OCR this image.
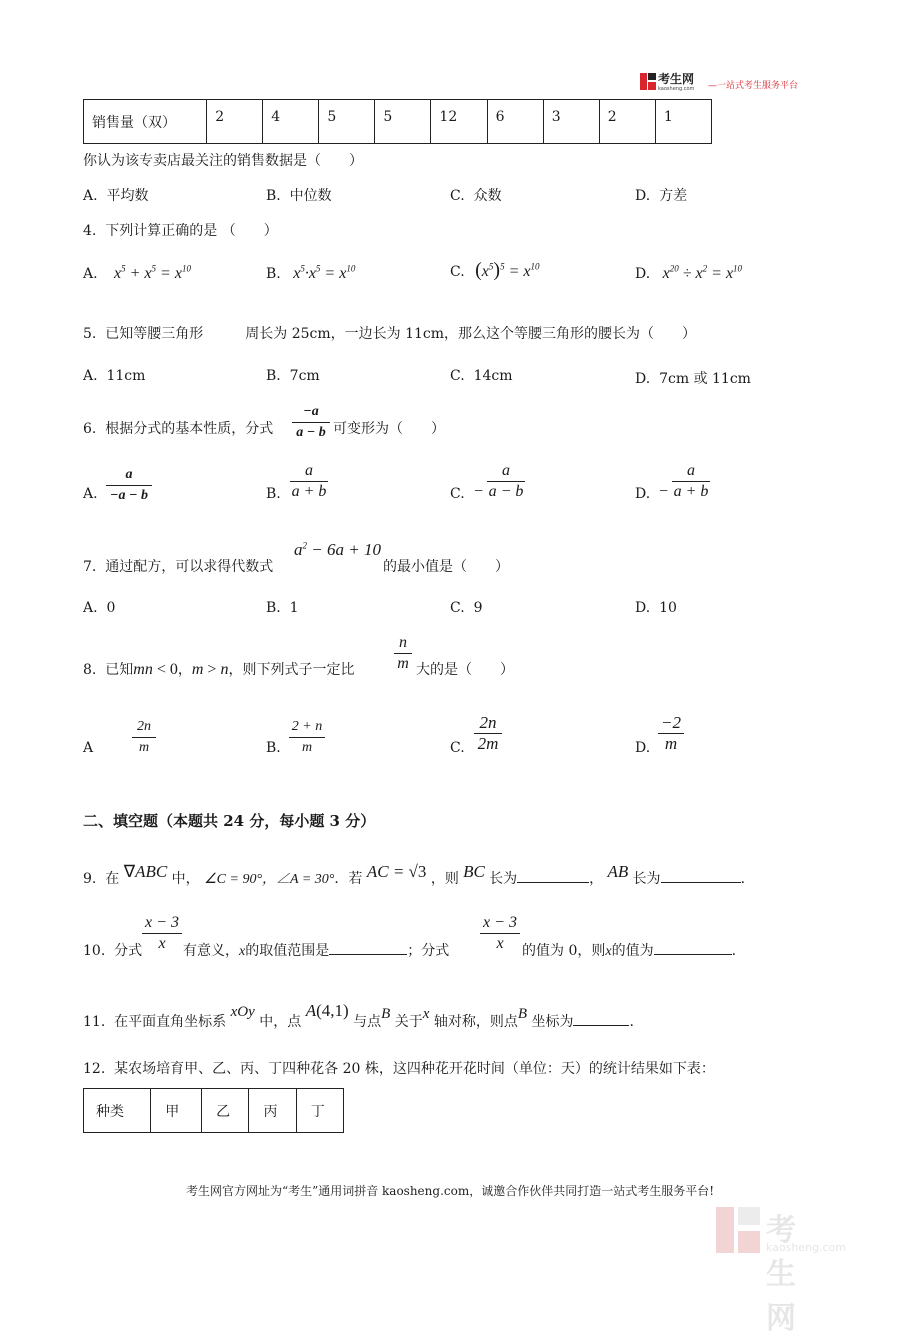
考生网
kaosheng.com —一站式考生服务平台
销售量（双）	2	4	5	5	12	6	3	2	1
你认为该专卖店最关注的销售数据是（　　）
A. 平均数	B. 中位数	C. 众数	D. 方差
4. 下列计算正确的是 （　　）
A. $x^5 + x^5 = x^{10}$	B. $x^5\cdot x^5 = x^{10}$	C. $(x^5)^5 = x^{10}$	D. $x^{20} \div x^2 = x^{10}$
5. 已知等腰三角形	周长为 25cm，一边长为 11cm，那么这个等腰三角形的腰长为（　　）
A. 11cm	B. 7cm	C. 14cm	D. 7cm 或 11cm
6. 根据分式的基本性质，分式
−a
a − b 可变形为（　　）
A.
a
−a − b	B.
a
a + b	C. −
a
a − b	D. −
a
a + b
7. 通过配方，可以求得代数式
$a^2 - 6a + 10$
的最小值是（　　）
A. 0	B. 1	C. 9	D. 10
8. 已知mn < 0，m > n，则下列式子一定比
n
m 大的是（　　）
A
2n
m	B.
2 + n
m	C.
2n
2m	D.
−2
m
二、填空题（本题共 24 分，每小题 3 分）
9. 在 ∇ABC 中， ∠C = 90°，∠A = 30°．若 AC = √3 ，则 BC 长为	， AB 长为	.
10. 分式
x − 3
x	有意义，x的取值范围是	；分式
x − 3
x	的值为 0，则x的值为	.
11. 在平面直角坐标系 xOy 中，点 A(4,1) 与点B 关于x 轴对称，则点B 坐标为	.
12. 某农场培育甲、乙、丙、丁四种花各 20 株，这四种花开花时间（单位：天）的统计结果如下表：
种类	甲	乙	丙	丁
考生网官方网址为“考生”通用词拼音 kaosheng.com，诚邀合作伙伴共同打造一站式考生服务平台!
考生网
kaosheng.com
